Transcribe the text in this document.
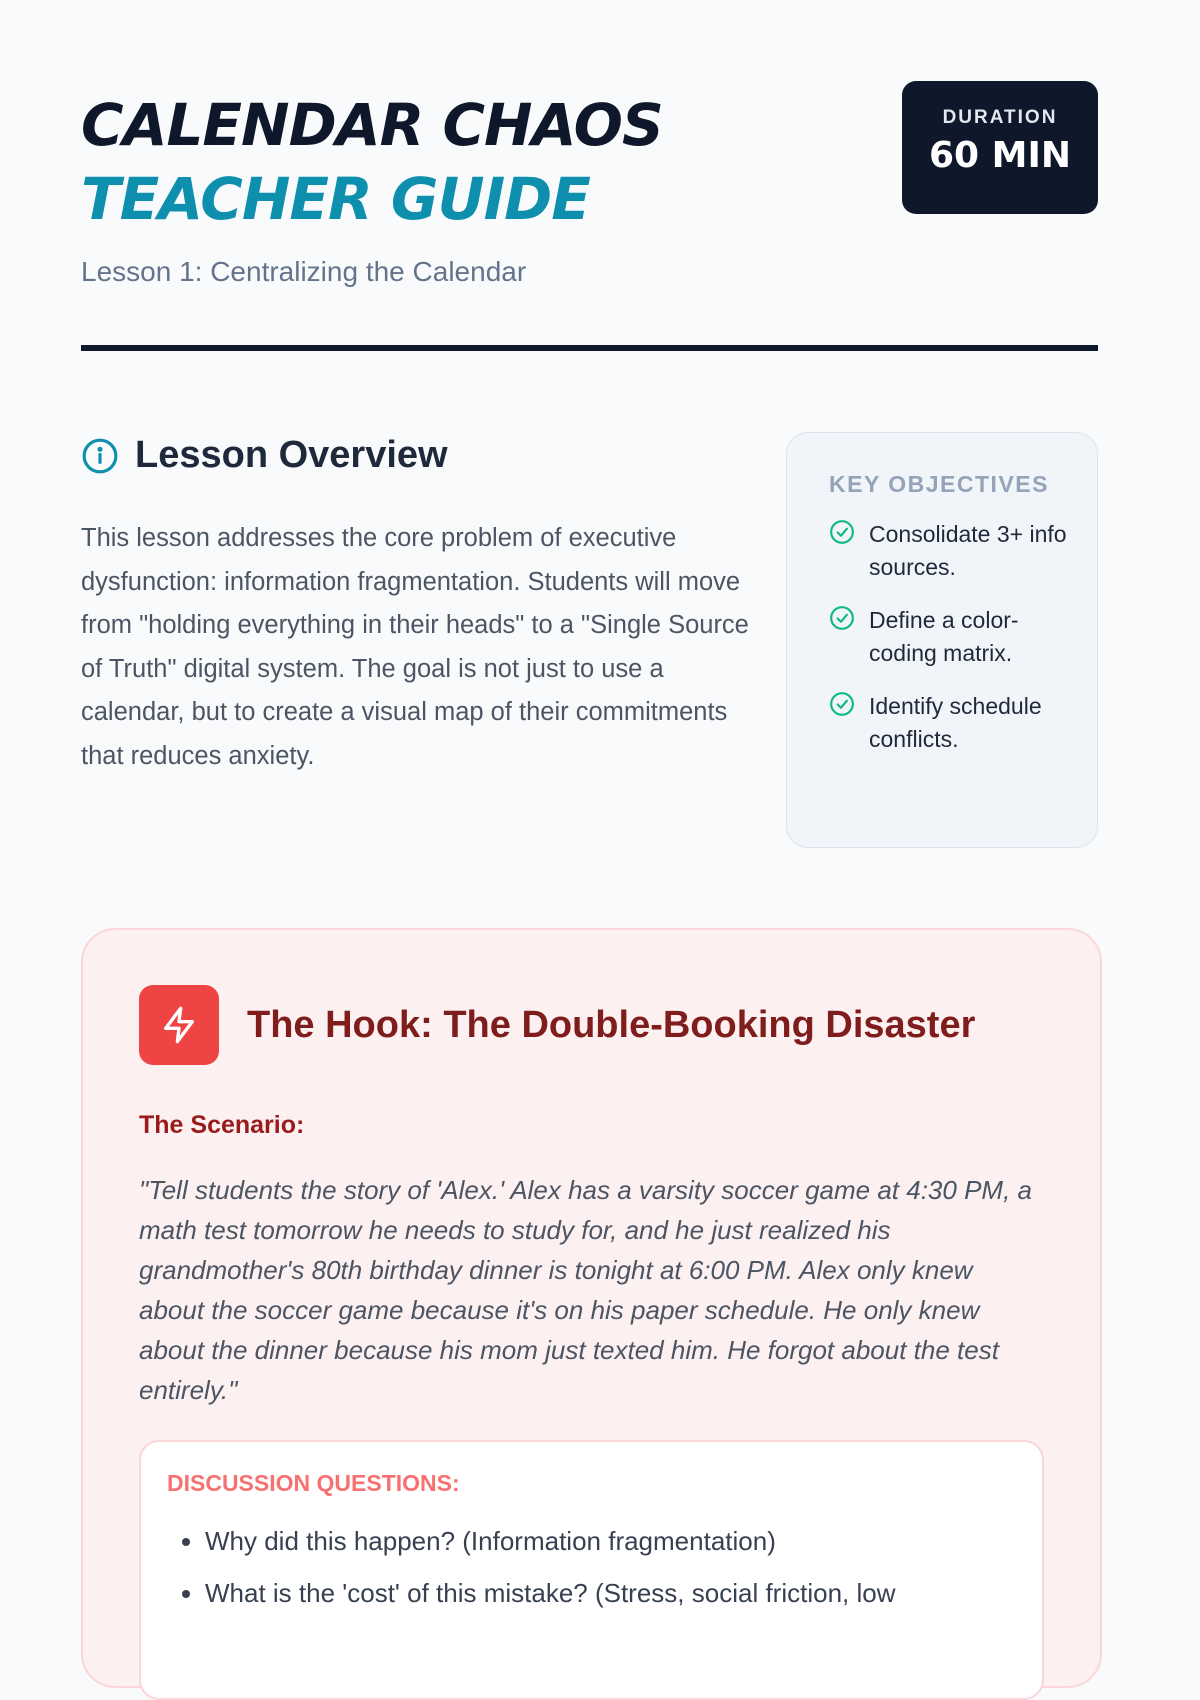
CALENDAR CHAOS
TEACHER GUIDE
Lesson 1: Centralizing the Calendar
DURATION
60 MIN
Lesson Overview
This lesson addresses the core problem of executive dysfunction: information fragmentation. Students will move from "holding everything in their heads" to a "Single Source of Truth" digital system. The goal is not just to use a calendar, but to create a visual map of their commitments that reduces anxiety.
KEY OBJECTIVES
Consolidate 3+ info sources.
Define a color-coding matrix.
Identify schedule conflicts.
The Hook: The Double-Booking Disaster
The Scenario:
"Tell students the story of 'Alex.' Alex has a varsity soccer game at 4:30 PM, a math test tomorrow he needs to study for, and he just realized his grandmother's 80th birthday dinner is tonight at 6:00 PM. Alex only knew about the soccer game because it's on his paper schedule. He only knew about the dinner because his mom just texted him. He forgot about the test entirely."
DISCUSSION QUESTIONS:
• Why did this happen? (Information fragmentation)
• What is the 'cost' of this mistake? (Stress, social friction, low
